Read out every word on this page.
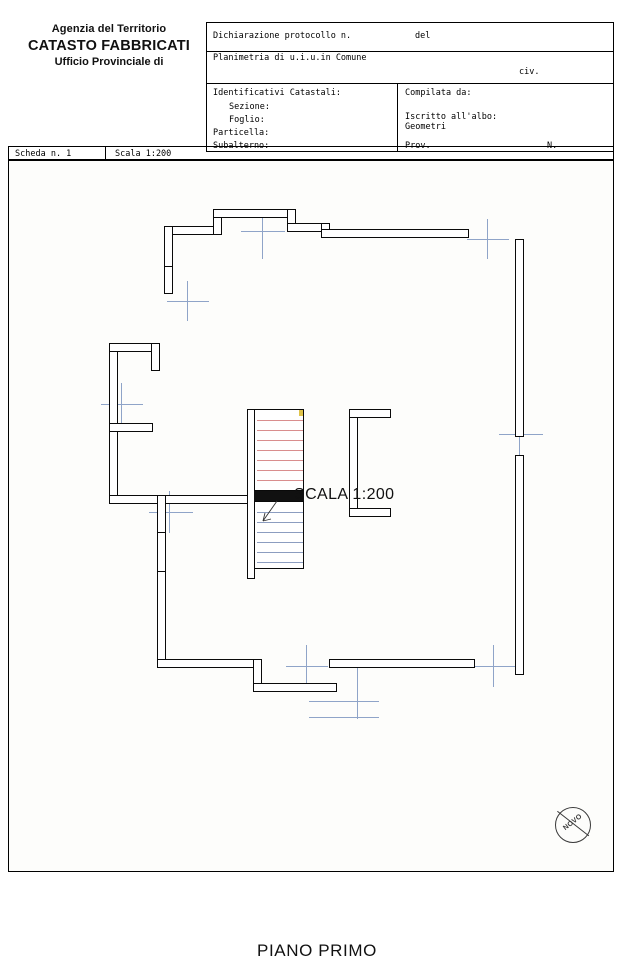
Agenzia del Territorio
CATASTO FABBRICATI
Ufficio Provinciale di
Dichiarazione protocollo n.	del
Planimetria di u.i.u.in Comune
civ.
Identificativi Catastali:
Sezione:
Foglio:
Particella:
Subalterno:
Compilata da:
Iscritto all'albo:
Geometri
Prov.	N.
Scheda n. 1	Scala 1:200
SCALA 1:200
PIANO PRIMO
NOVO
